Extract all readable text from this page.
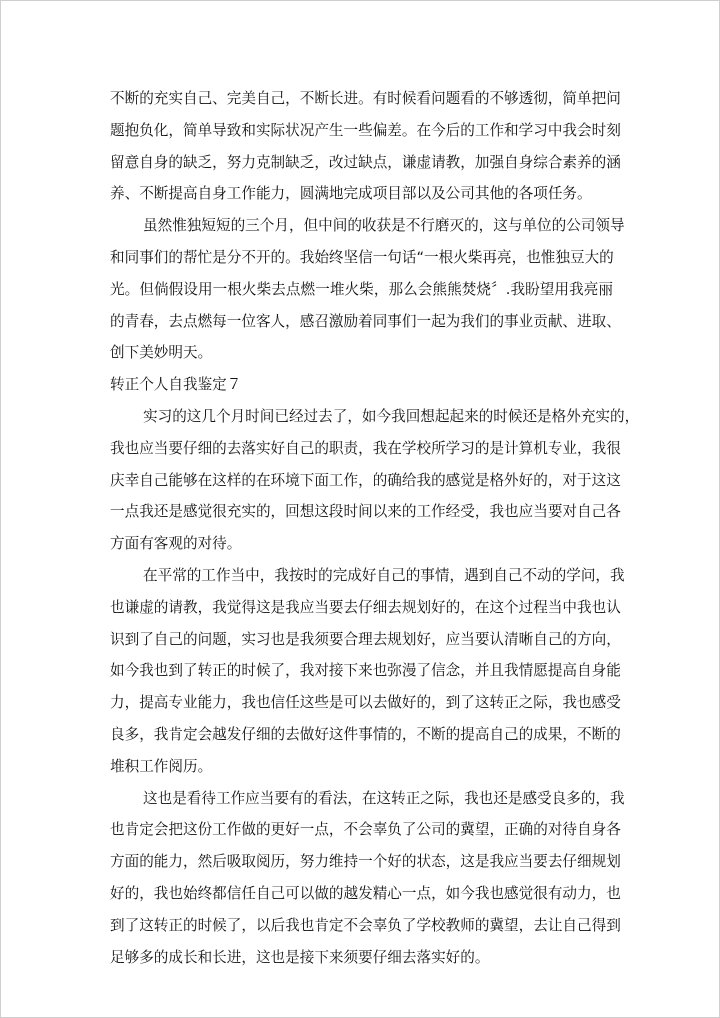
不断的充实自己、完美自己，不断长进。有时候看问题看的不够透彻，简单把问
题抱负化，简单导致和实际状况产生一些偏差。在今后的工作和学习中我会时刻
留意自身的缺乏，努力克制缺乏，改过缺点，谦虚请教，加强自身综合素养的涵
养、不断提高自身工作能力，圆满地完成项目部以及公司其他的各项任务。
虽然惟独短短的三个月，但中间的收获是不行磨灭的，这与单位的公司领导
和同事们的帮忙是分不开的。我始终坚信一句话“一根火柴再亮，也惟独豆大的
光。但倘假设用一根火柴去点燃一堆火柴，那么会熊熊焚烧〞.我盼望用我亮丽
的青春，去点燃每一位客人，感召激励着同事们一起为我们的事业贡献、进取、
创下美妙明天。
转正个人自我鉴定７
实习的这几个月时间已经过去了，如今我回想起起来的时候还是格外充实的，
我也应当要仔细的去落实好自己的职责，我在学校所学习的是计算机专业，我很
庆幸自己能够在这样的在环境下面工作，的确给我的感觉是格外好的，对于这这
一点我还是感觉很充实的，回想这段时间以来的工作经受，我也应当要对自己各
方面有客观的对待。
在平常的工作当中，我按时的完成好自己的事情，遇到自己不动的学问，我
也谦虚的请教，我觉得这是我应当要去仔细去规划好的，在这个过程当中我也认
识到了自己的问题，实习也是我须要合理去规划好，应当要认清晰自己的方向，
如今我也到了转正的时候了，我对接下来也弥漫了信念，并且我情愿提高自身能
力，提高专业能力，我也信任这些是可以去做好的，到了这转正之际，我也感受
良多，我肯定会越发仔细的去做好这件事情的，不断的提高自己的成果，不断的
堆积工作阅历。
这也是看待工作应当要有的看法，在这转正之际，我也还是感受良多的，我
也肯定会把这份工作做的更好一点，不会辜负了公司的冀望，正确的对待自身各
方面的能力，然后吸取阅历，努力维持一个好的状态，这是我应当要去仔细规划
好的，我也始终都信任自己可以做的越发精心一点，如今我也感觉很有动力，也
到了这转正的时候了，以后我也肯定不会辜负了学校教师的冀望，去让自己得到
足够多的成长和长进，这也是接下来须要仔细去落实好的。
